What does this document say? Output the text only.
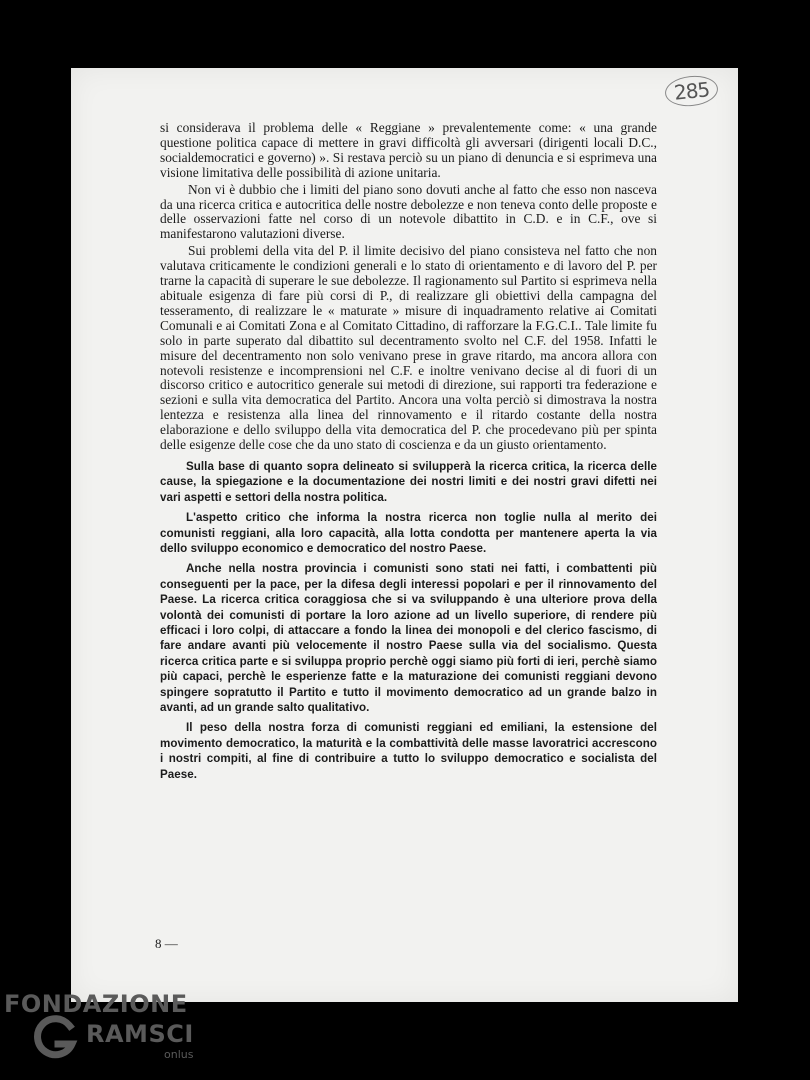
285

si considerava il problema delle « Reggiane » prevalentemente come: « una grande questione politica capace di mettere in gravi difficoltà gli avversari (dirigenti locali D.C., socialdemocratici e governo) ». Si restava perciò su un piano di denuncia e si esprimeva una visione limitativa delle possibilità di azione unitaria.

Non vi è dubbio che i limiti del piano sono dovuti anche al fatto che esso non nasceva da una ricerca critica e autocritica delle nostre debolezze e non teneva conto delle proposte e delle osservazioni fatte nel corso di un notevole dibattito in C.D. e in C.F., ove si manifestarono valutazioni diverse.

Sui problemi della vita del P. il limite decisivo del piano consisteva nel fatto che non valutava criticamente le condizioni generali e lo stato di orientamento e di lavoro del P. per trarne la capacità di superare le sue debolezze. Il ragionamento sul Partito si esprimeva nella abituale esigenza di fare più corsi di P., di realizzare gli obiettivi della campagna del tesseramento, di realizzare le « maturate » misure di inquadramento relative ai Comitati Comunali e ai Comitati Zona e al Comitato Cittadino, di rafforzare la F.G.C.I.. Tale limite fu solo in parte superato dal dibattito sul decentramento svolto nel C.F. del 1958. Infatti le misure del decentramento non solo venivano prese in grave ritardo, ma ancora allora con notevoli resistenze e incomprensioni nel C.F. e inoltre venivano decise al di fuori di un discorso critico e autocritico generale sui metodi di direzione, sui rapporti tra federazione e sezioni e sulla vita democratica del Partito. Ancora una volta perciò si dimostrava la nostra lentezza e resistenza alla linea del rinnovamento e il ritardo costante della nostra elaborazione e dello sviluppo della vita democratica del P. che procedevano più per spinta delle esigenze delle cose che da uno stato di coscienza e da un giusto orientamento.

Sulla base di quanto sopra delineato si svilupperà la ricerca critica, la ricerca delle cause, la spiegazione e la documentazione dei nostri limiti e dei nostri gravi difetti nei vari aspetti e settori della nostra politica.

L'aspetto critico che informa la nostra ricerca non toglie nulla al merito dei comunisti reggiani, alla loro capacità, alla lotta condotta per mantenere aperta la via dello sviluppo economico e democratico del nostro Paese.

Anche nella nostra provincia i comunisti sono stati nei fatti, i combattenti più conseguenti per la pace, per la difesa degli interessi popolari e per il rinnovamento del Paese. La ricerca critica coraggiosa che si va sviluppando è una ulteriore prova della volontà dei comunisti di portare la loro azione ad un livello superiore, di rendere più efficaci i loro colpi, di attaccare a fondo la linea dei monopoli e del clerico fascismo, di fare andare avanti più velocemente il nostro Paese sulla via del socialismo. Questa ricerca critica parte e si sviluppa proprio perchè oggi siamo più forti di ieri, perchè siamo più capaci, perchè le esperienze fatte e la maturazione dei comunisti reggiani devono spingere sopratutto il Partito e tutto il movimento democratico ad un grande balzo in avanti, ad un grande salto qualitativo.

Il peso della nostra forza di comunisti reggiani ed emiliani, la estensione del movimento democratico, la maturità e la combattività delle masse lavoratrici accrescono i nostri compiti, al fine di contribuire a tutto lo sviluppo democratico e socialista del Paese.

8 —
FONDAZIONE
RAMSCI
onlus
